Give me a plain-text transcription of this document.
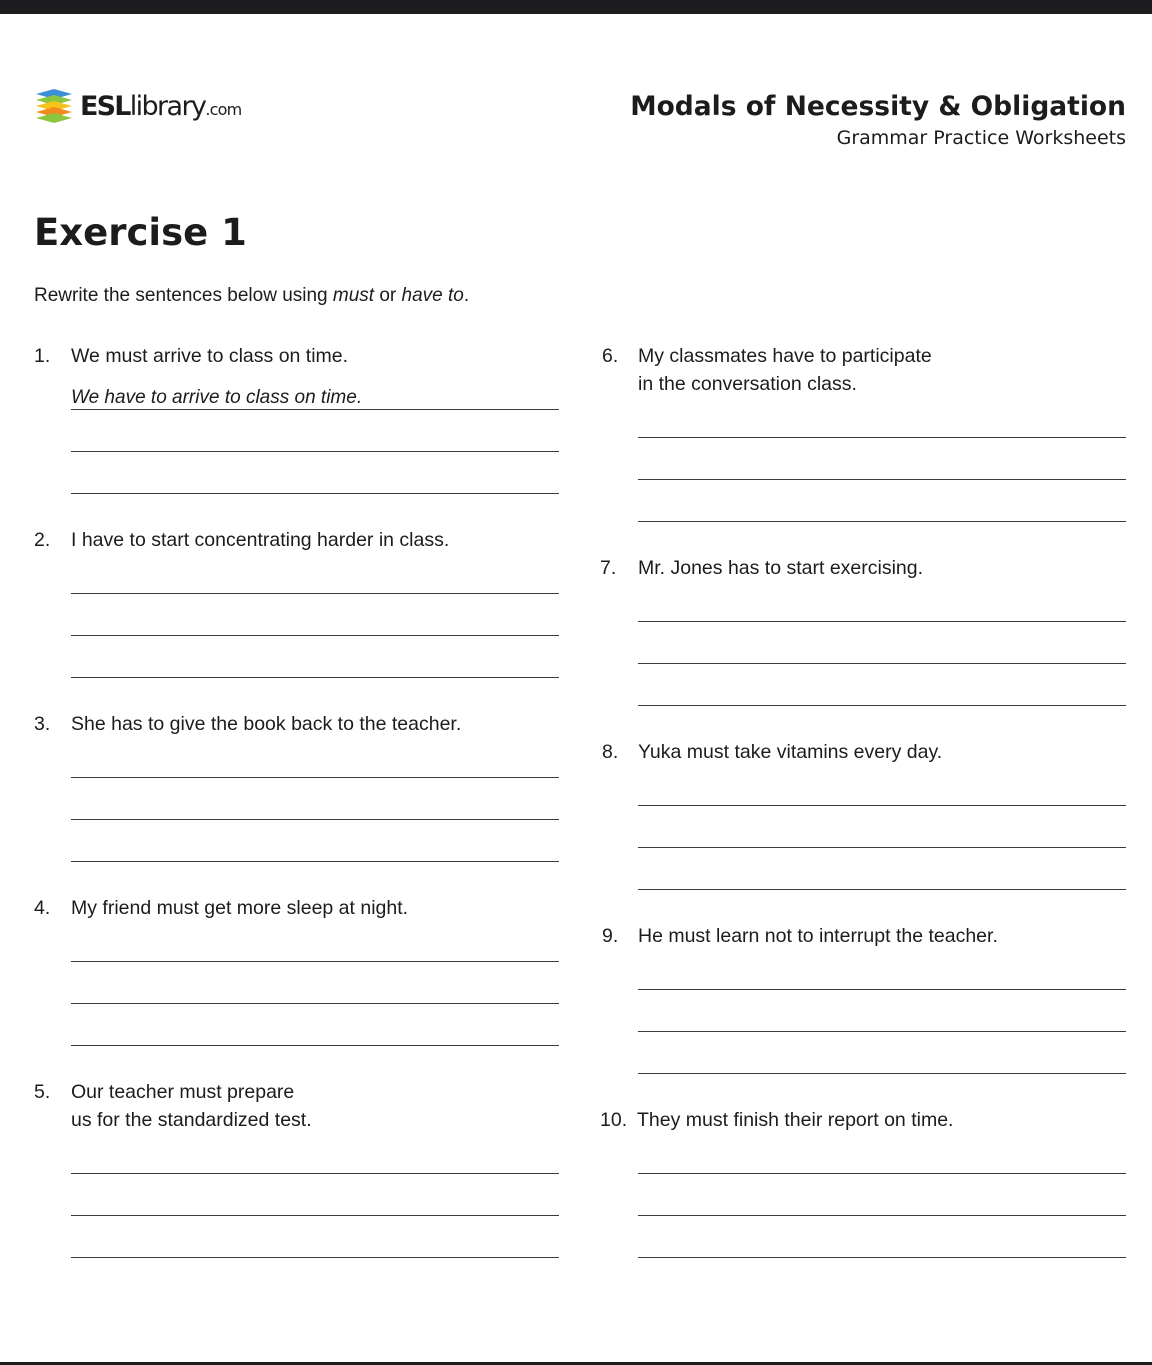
ESLlibrary.com	Modals of Necessity & Obligation
Grammar Practice Worksheets
Exercise 1
Rewrite the sentences below using must or have to.
1. We must arrive to class on time.
We have to arrive to class on time.
2. I have to start concentrating harder in class.
3. She has to give the book back to the teacher.
4. My friend must get more sleep at night.
5. Our teacher must prepare
us for the standardized test.
6. My classmates have to participate
in the conversation class.
7. Mr. Jones has to start exercising.
8. Yuka must take vitamins every day.
9. He must learn not to interrupt the teacher.
10. They must finish their report on time.
